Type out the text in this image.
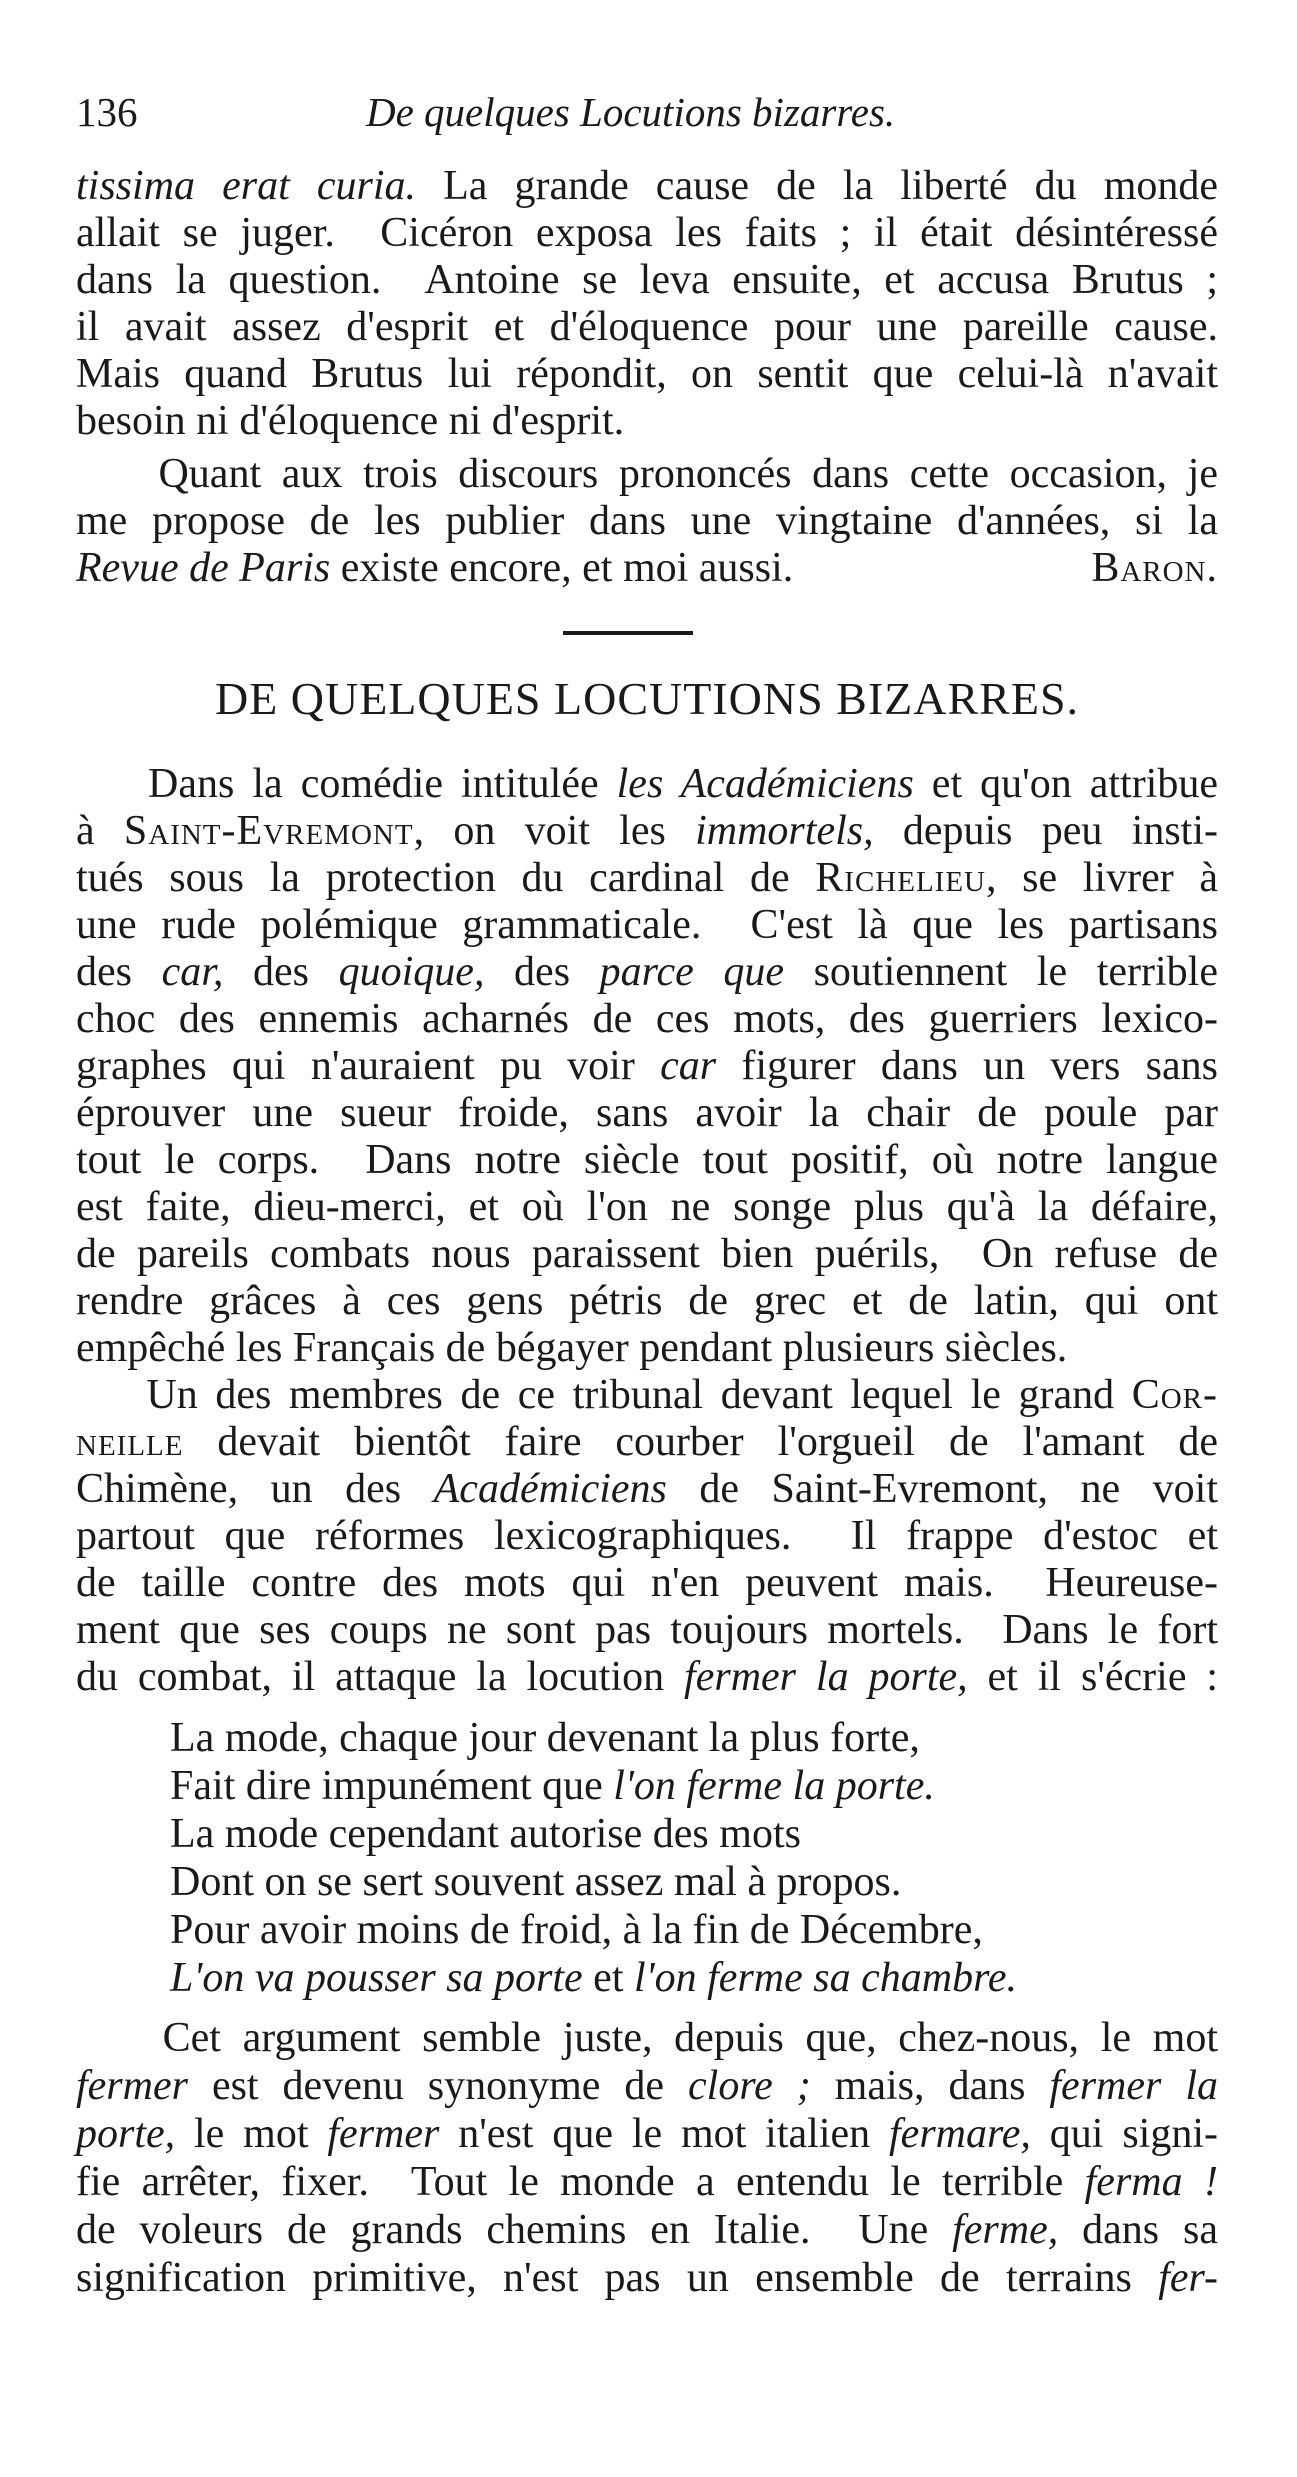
136	De quelques Locutions bizarres.
tissima erat curia. La grande cause de la liberté du monde
allait se juger.  Cicéron exposa les faits ; il était désintéressé
dans la question.  Antoine se leva ensuite, et accusa Brutus ;
il avait assez d'esprit et d'éloquence pour une pareille cause.
Mais quand Brutus lui répondit, on sentit que celui-là n'avait
besoin ni d'éloquence ni d'esprit.
Quant aux trois discours prononcés dans cette occasion, je
me propose de les publier dans une vingtaine d'années, si la
Revue de Paris existe encore, et moi aussi.	Baron.
DE QUELQUES LOCUTIONS BIZARRES.
Dans la comédie intitulée les Académiciens et qu'on attribue
à Saint-Evremont, on voit les immortels, depuis peu insti-
tués sous la protection du cardinal de Richelieu, se livrer à
une rude polémique grammaticale.  C'est là que les partisans
des car, des quoique, des parce que soutiennent le terrible
choc des ennemis acharnés de ces mots, des guerriers lexico-
graphes qui n'auraient pu voir car figurer dans un vers sans
éprouver une sueur froide, sans avoir la chair de poule par
tout le corps.  Dans notre siècle tout positif, où notre langue
est faite, dieu-merci, et où l'on ne songe plus qu'à la défaire,
de pareils combats nous paraissent bien puérils,  On refuse de
rendre grâces à ces gens pétris de grec et de latin, qui ont
empêché les Français de bégayer pendant plusieurs siècles.
Un des membres de ce tribunal devant lequel le grand Cor-
neille devait bientôt faire courber l'orgueil de l'amant de
Chimène, un des Académiciens de Saint-Evremont, ne voit
partout que réformes lexicographiques.  Il frappe d'estoc et
de taille contre des mots qui n'en peuvent mais.  Heureuse-
ment que ses coups ne sont pas toujours mortels.  Dans le fort
du combat, il attaque la locution fermer la porte, et il s'écrie :
La mode, chaque jour devenant la plus forte,
Fait dire impunément que l'on ferme la porte.
La mode cependant autorise des mots
Dont on se sert souvent assez mal à propos.
Pour avoir moins de froid, à la fin de Décembre,
L'on va pousser sa porte et l'on ferme sa chambre.
Cet argument semble juste, depuis que, chez-nous, le mot
fermer est devenu synonyme de clore ; mais, dans fermer la
porte, le mot fermer n'est que le mot italien fermare, qui signi-
fie arrêter, fixer.  Tout le monde a entendu le terrible ferma !
de voleurs de grands chemins en Italie.  Une ferme, dans sa
signification primitive, n'est pas un ensemble de terrains fer-
